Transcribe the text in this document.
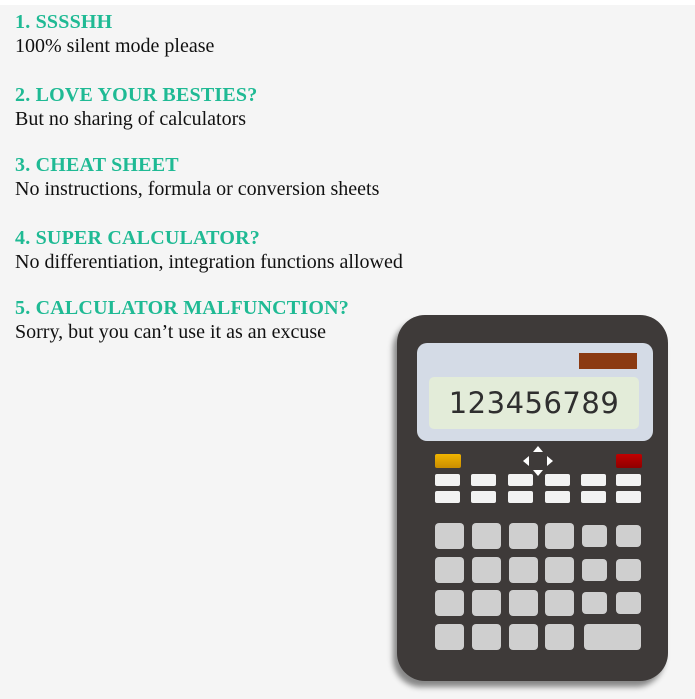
1. SSSSHH
100% silent mode please
2. LOVE YOUR BESTIES?
But no sharing of calculators
3. CHEAT SHEET
No instructions, formula or conversion sheets
4. SUPER CALCULATOR?
No differentiation, integration functions allowed
5. CALCULATOR MALFUNCTION?
Sorry, but you can’t use it as an excuse
123456789
